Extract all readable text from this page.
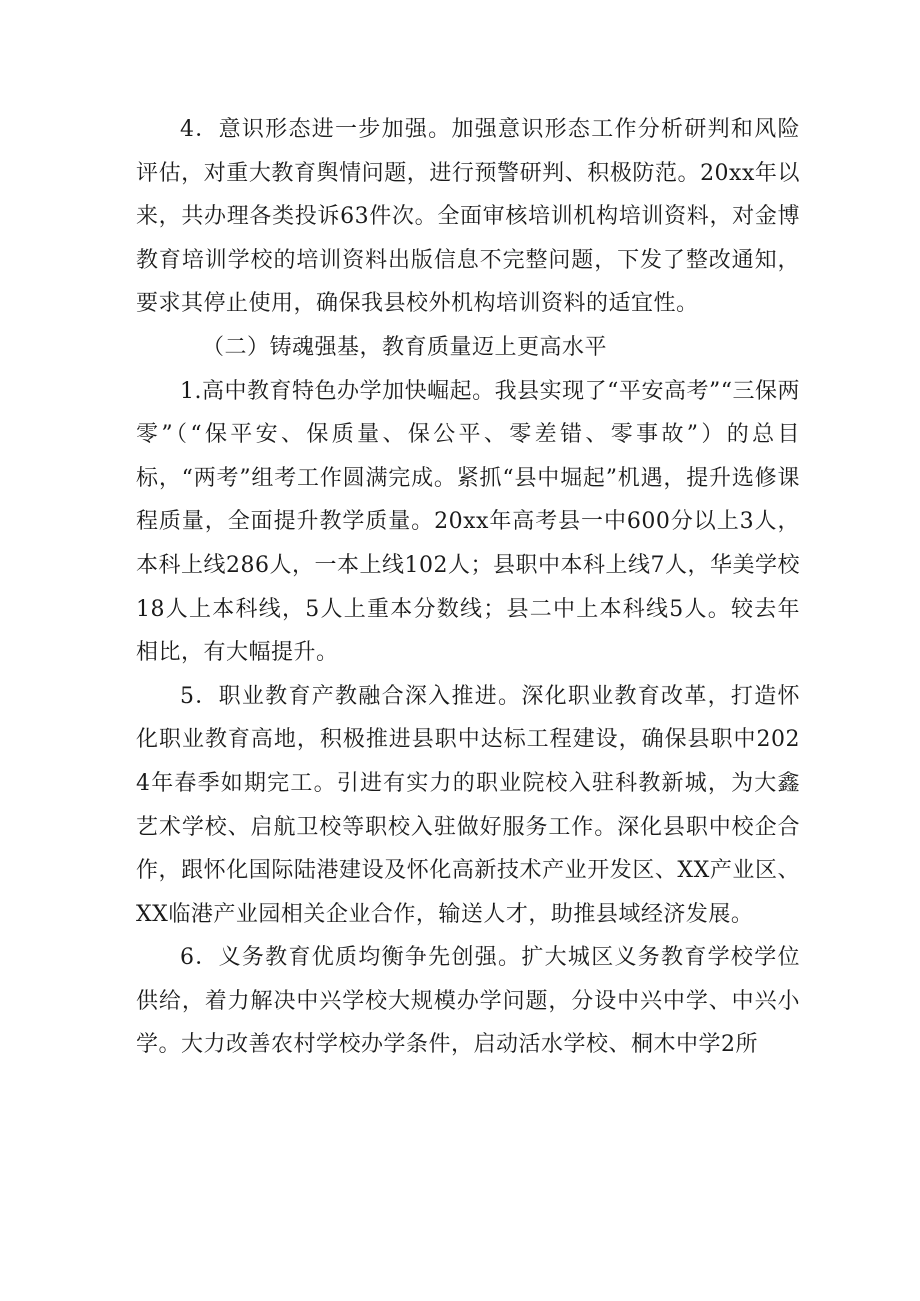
4．意识形态进一步加强。加强意识形态工作分析研判和风险评估，对重大教育舆情问题，进行预警研判、积极防范。20xx年以来，共办理各类投诉63件次。全面审核培训机构培训资料，对金博教育培训学校的培训资料出版信息不完整问题，下发了整改通知，要求其停止使用，确保我县校外机构培训资料的适宜性。

（二）铸魂强基，教育质量迈上更高水平

1.高中教育特色办学加快崛起。我县实现了“平安高考”“三保两零”（“保平安、保质量、保公平、零差错、零事故”）的总目标，“两考”组考工作圆满完成。紧抓“县中堀起”机遇，提升选修课程质量，全面提升教学质量。20xx年高考县一中600分以上3人，本科上线286人，一本上线102人；县职中本科上线7人，华美学校18人上本科线，5人上重本分数线；县二中上本科线5人。较去年相比，有大幅提升。

5．职业教育产教融合深入推进。深化职业教育改革，打造怀化职业教育高地，积极推进县职中达标工程建设，确保县职中2024年春季如期完工。引进有实力的职业院校入驻科教新城，为大鑫艺术学校、启航卫校等职校入驻做好服务工作。深化县职中校企合作，跟怀化国际陆港建设及怀化高新技术产业开发区、XX产业区、XX临港产业园相关企业合作，输送人才，助推县域经济发展。

6．义务教育优质均衡争先创强。扩大城区义务教育学校学位供给，着力解决中兴学校大规模办学问题，分设中兴中学、中兴小学。大力改善农村学校办学条件，启动活水学校、桐木中学2所
